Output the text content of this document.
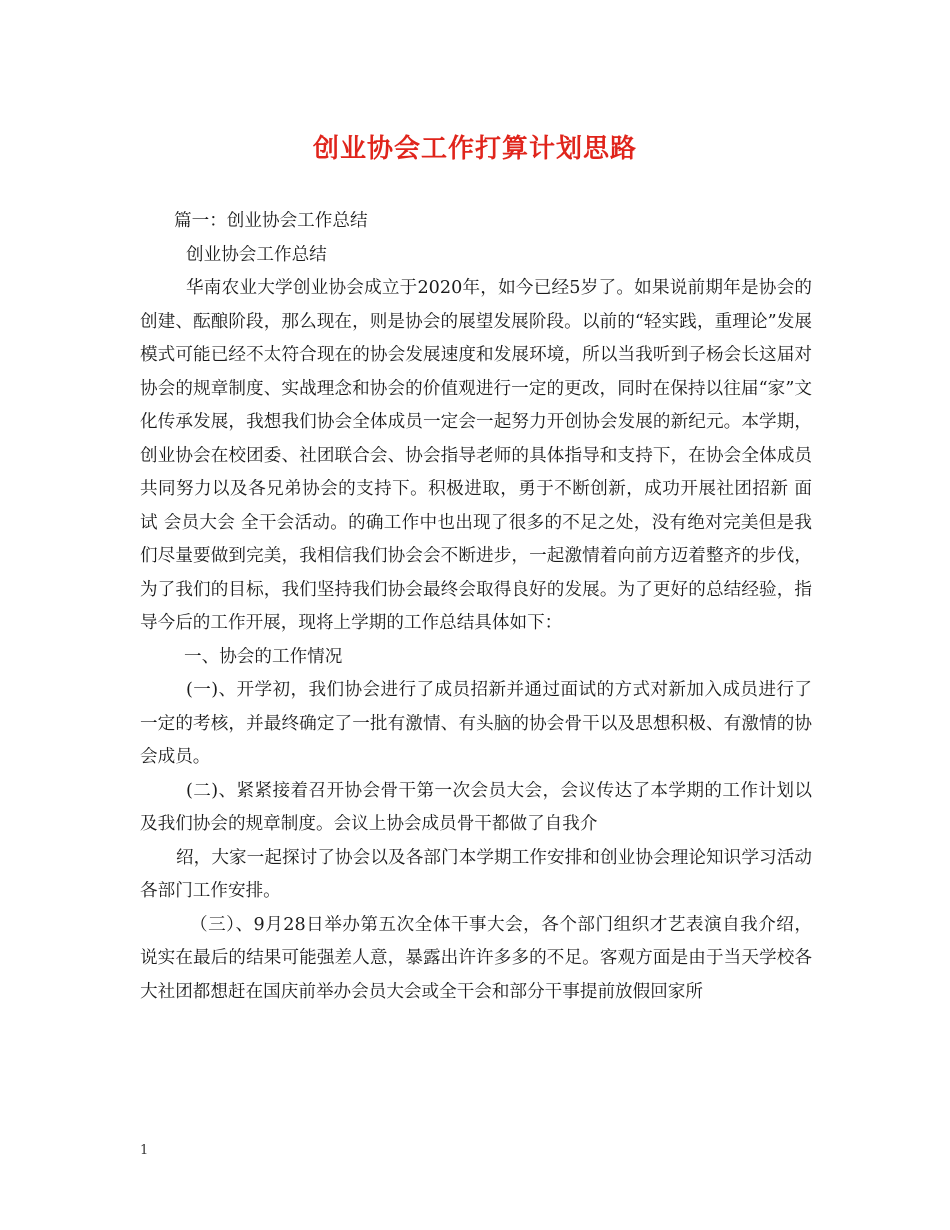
创业协会工作打算计划思路

篇一：创业协会工作总结

创业协会工作总结

华南农业大学创业协会成立于2020年，如今已经5岁了。如果说前期年是协会的创建、酝酿阶段，那么现在，则是协会的展望发展阶段。以前的“轻实践，重理论”发展模式可能已经不太符合现在的协会发展速度和发展环境，所以当我听到子杨会长这届对协会的规章制度、实战理念和协会的价值观进行一定的更改，同时在保持以往届“家”文化传承发展，我想我们协会全体成员一定会一起努力开创协会发展的新纪元。本学期，创业协会在校团委、社团联合会、协会指导老师的具体指导和支持下，在协会全体成员共同努力以及各兄弟协会的支持下。积极进取，勇于不断创新，成功开展社团招新 面试 会员大会 全干会活动。的确工作中也出现了很多的不足之处，没有绝对完美但是我们尽量要做到完美，我相信我们协会会不断进步，一起激情着向前方迈着整齐的步伐，为了我们的目标，我们坚持我们协会最终会取得良好的发展。为了更好的总结经验，指导今后的工作开展，现将上学期的工作总结具体如下：

一、协会的工作情况

(一)、开学初，我们协会进行了成员招新并通过面试的方式对新加入成员进行了一定的考核，并最终确定了一批有激情、有头脑的协会骨干以及思想积极、有激情的协会成员。

(二)、紧紧接着召开协会骨干第一次会员大会，会议传达了本学期的工作计划以及我们协会的规章制度。会议上协会成员骨干都做了自我介

绍，大家一起探讨了协会以及各部门本学期工作安排和创业协会理论知识学习活动各部门工作安排。

（三）、9月28日举办第五次全体干事大会，各个部门组织才艺表演自我介绍，说实在最后的结果可能强差人意，暴露出许许多多的不足。客观方面是由于当天学校各大社团都想赶在国庆前举办会员大会或全干会和部分干事提前放假回家所

1
